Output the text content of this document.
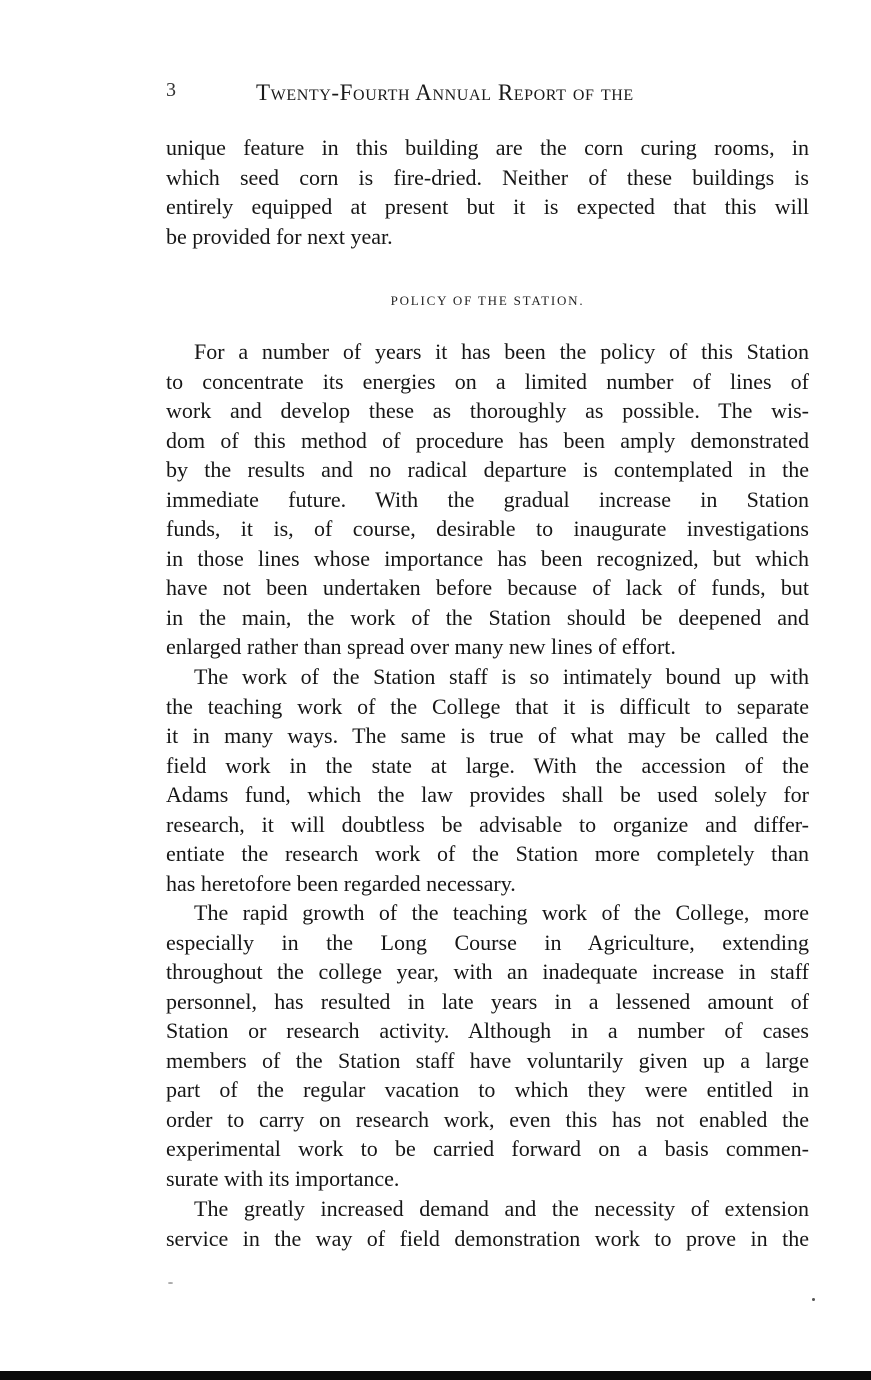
3	Twenty-Fourth Annual Report of the
unique feature in this building are the corn curing rooms, in
which seed corn is fire-dried. Neither of these buildings is
entirely equipped at present but it is expected that this will
be provided for next year.
POLICY OF THE STATION.
For a number of years it has been the policy of this Station
to concentrate its energies on a limited number of lines of
work and develop these as thoroughly as possible. The wis-
dom of this method of procedure has been amply demonstrated
by the results and no radical departure is contemplated in the
immediate future. With the gradual increase in Station
funds, it is, of course, desirable to inaugurate investigations
in those lines whose importance has been recognized, but which
have not been undertaken before because of lack of funds, but
in the main, the work of the Station should be deepened and
enlarged rather than spread over many new lines of effort.
The work of the Station staff is so intimately bound up with
the teaching work of the College that it is difficult to separate
it in many ways. The same is true of what may be called the
field work in the state at large. With the accession of the
Adams fund, which the law provides shall be used solely for
research, it will doubtless be advisable to organize and differ-
entiate the research work of the Station more completely than
has heretofore been regarded necessary.
The rapid growth of the teaching work of the College, more
especially in the Long Course in Agriculture, extending
throughout the college year, with an inadequate increase in staff
personnel, has resulted in late years in a lessened amount of
Station or research activity. Although in a number of cases
members of the Station staff have voluntarily given up a large
part of the regular vacation to which they were entitled in
order to carry on research work, even this has not enabled the
experimental work to be carried forward on a basis commen-
surate with its importance.
The greatly increased demand and the necessity of extension
service in the way of field demonstration work to prove in the
